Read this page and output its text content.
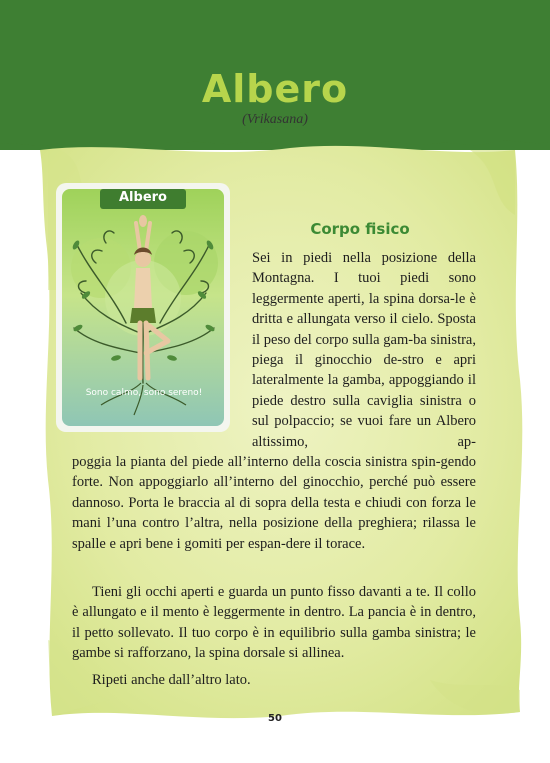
Albero
(Vrikasana)
Albero
Sono calmo, sono sereno!
Corpo fisico
Sei in piedi nella posizione della Montagna. I tuoi piedi sono leggermente aperti, la spina dorsa-le è dritta e allungata verso il cielo. Sposta il peso del corpo sulla gam-ba sinistra, piega il ginocchio de-stro e apri lateralmente la gamba, appoggiando il piede destro sulla caviglia sinistra o sul polpaccio; se vuoi fare un Albero altissimo, ap-
poggia la pianta del piede all’interno della coscia sinistra spin-gendo forte. Non appoggiarlo all’interno del ginocchio, perché può essere dannoso. Porta le braccia al di sopra della testa e chiudi con forza le mani l’una contro l’altra, nella posizione della preghiera; rilassa le spalle e apri bene i gomiti per espan-dere il torace.
Tieni gli occhi aperti e guarda un punto fisso davanti a te. Il collo è allungato e il mento è leggermente in dentro. La pancia è in dentro, il petto sollevato. Il tuo corpo è in equilibrio sulla gamba sinistra; le gambe si rafforzano, la spina dorsale si allinea.
Ripeti anche dall’altro lato.
50
